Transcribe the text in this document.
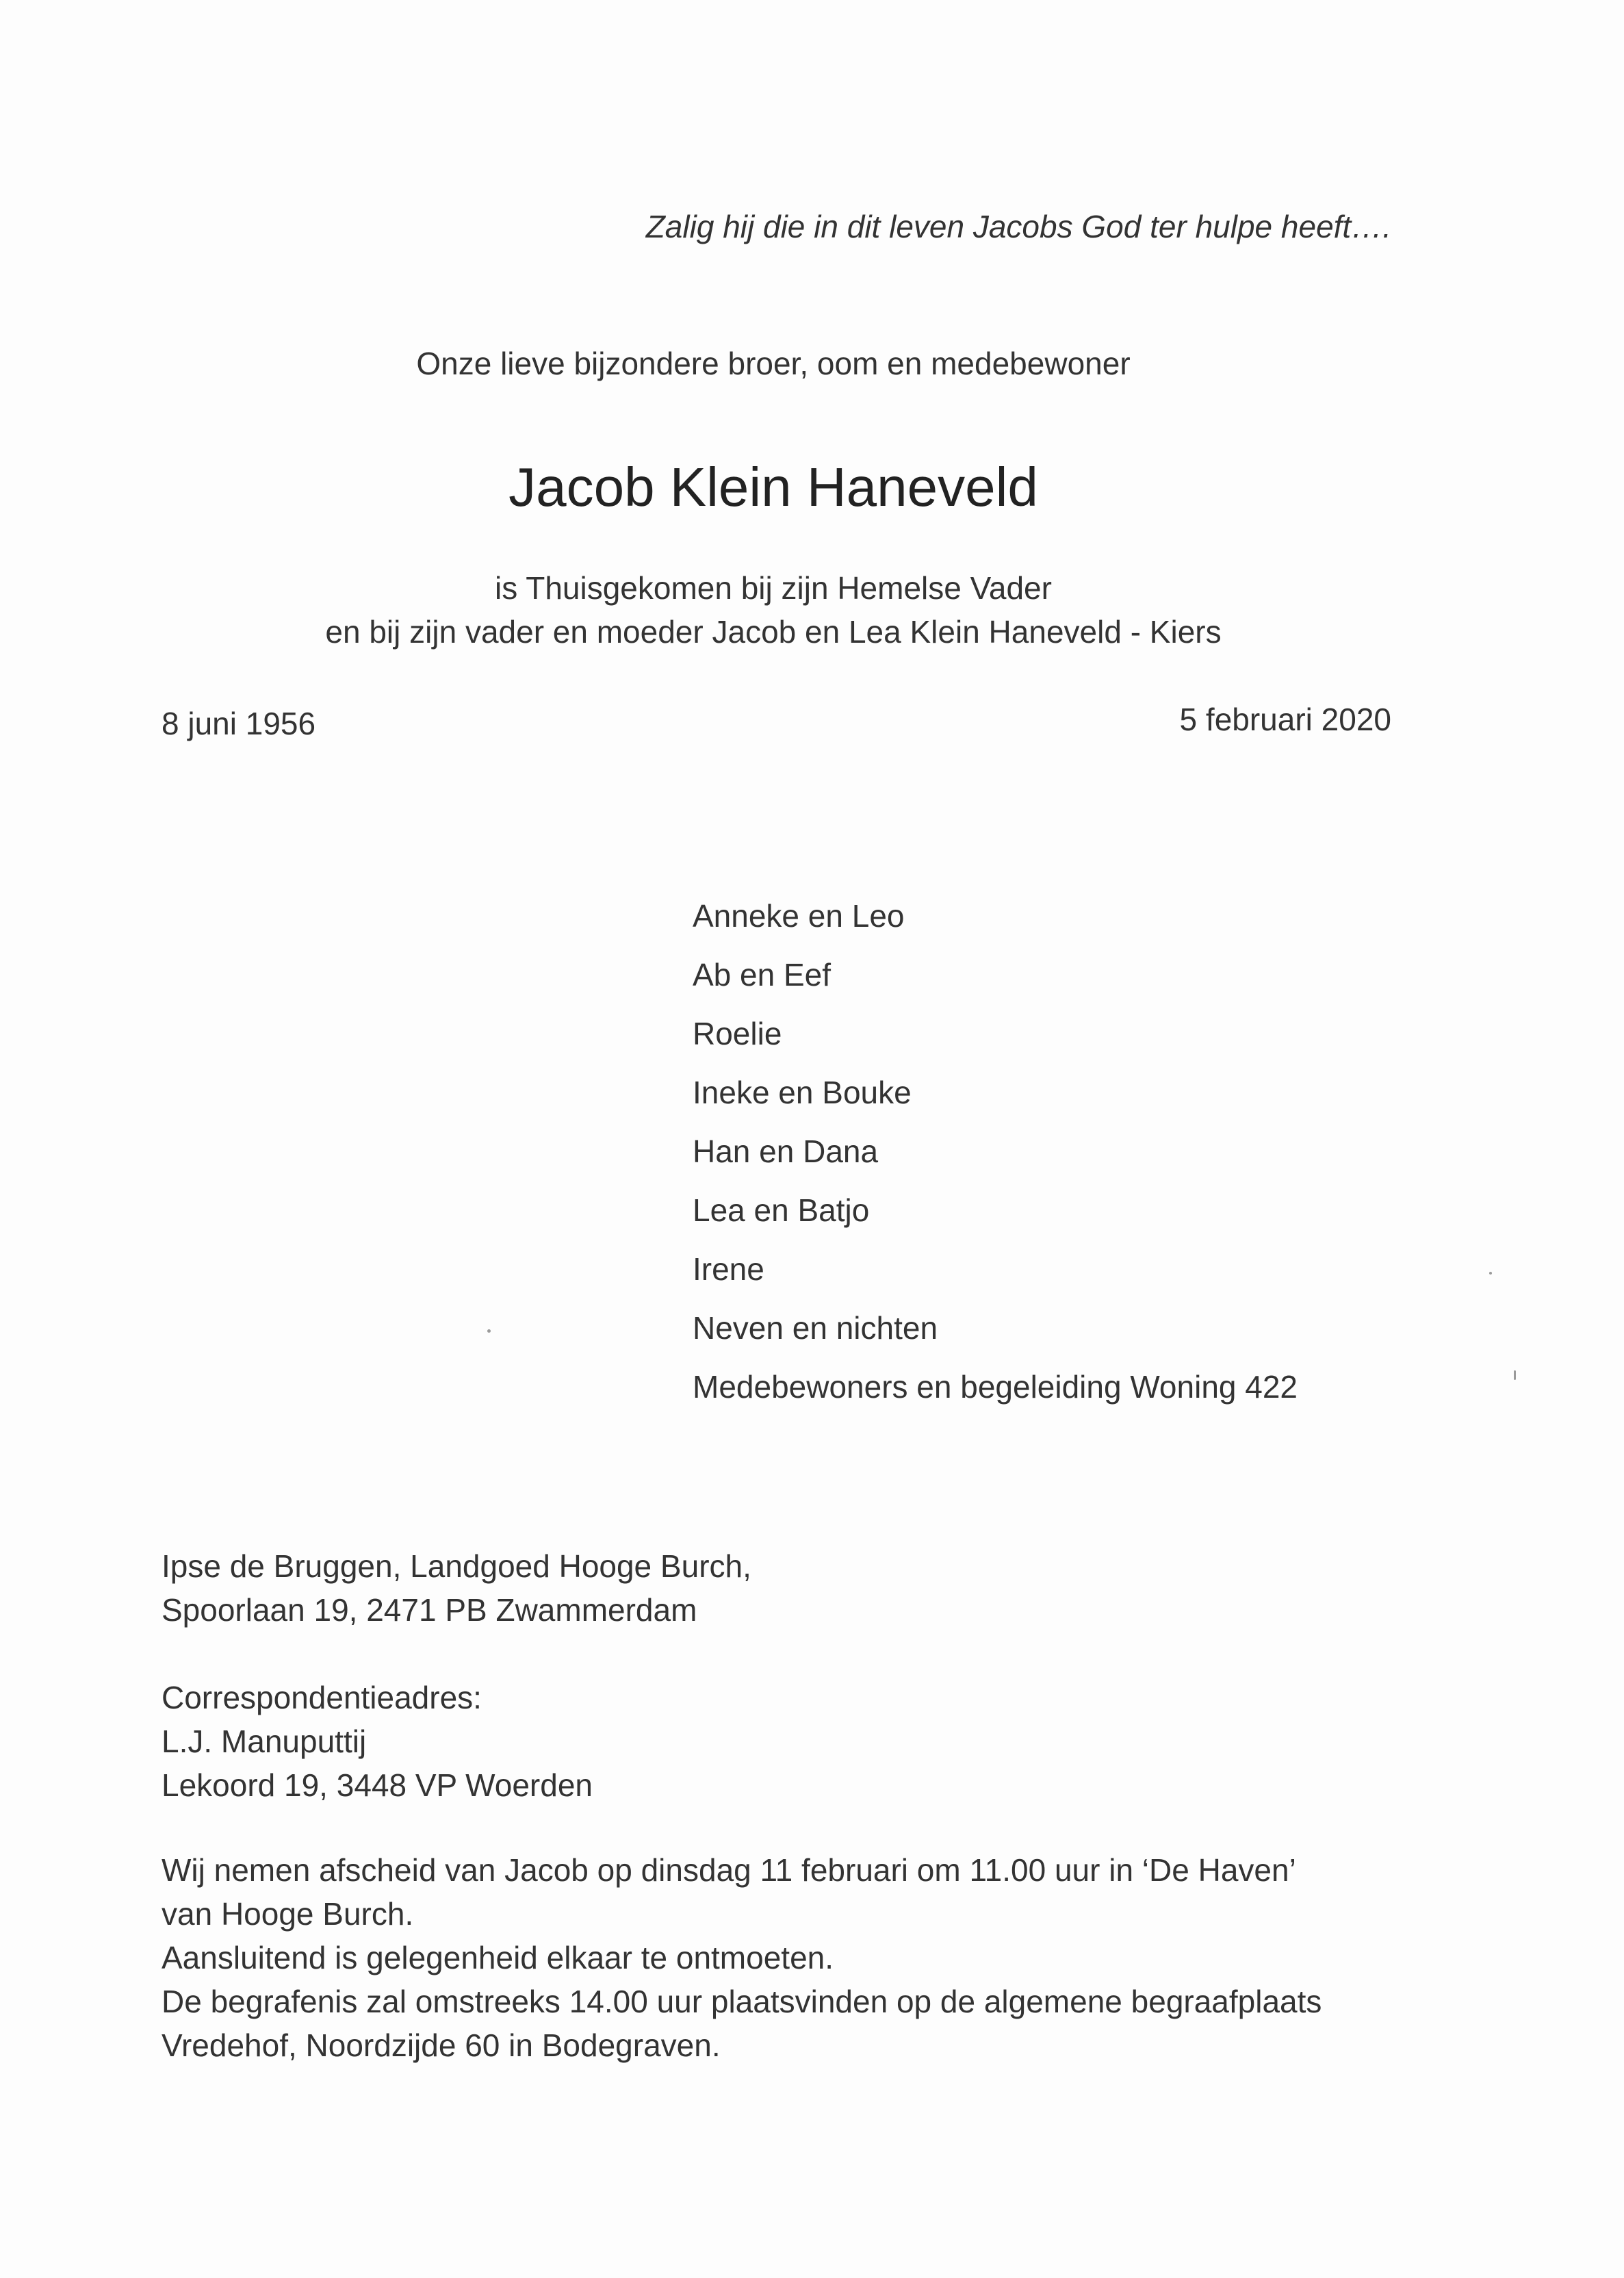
Zalig hij die in dit leven Jacobs God ter hulpe heeft….

Onze lieve bijzondere broer, oom en medebewoner

Jacob Klein Haneveld

is Thuisgekomen bij zijn Hemelse Vader

en bij zijn vader en moeder Jacob en Lea Klein Haneveld - Kiers

8 juni 1956	5 februari 2020

Anneke en Leo
Ab en Eef
Roelie
Ineke en Bouke
Han en Dana
Lea en Batjo
Irene
Neven en nichten
Medebewoners en begeleiding Woning 422
Ipse de Bruggen, Landgoed Hooge Burch,
Spoorlaan 19, 2471 PB Zwammerdam
Correspondentieadres:
L.J. Manuputtij
Lekoord 19, 3448 VP Woerden
Wij nemen afscheid van Jacob op dinsdag 11 februari om 11.00 uur in ‘De Haven’
van Hooge Burch.
Aansluitend is gelegenheid elkaar te ontmoeten.
De begrafenis zal omstreeks 14.00 uur plaatsvinden op de algemene begraafplaats
Vredehof, Noordzijde 60 in Bodegraven.
